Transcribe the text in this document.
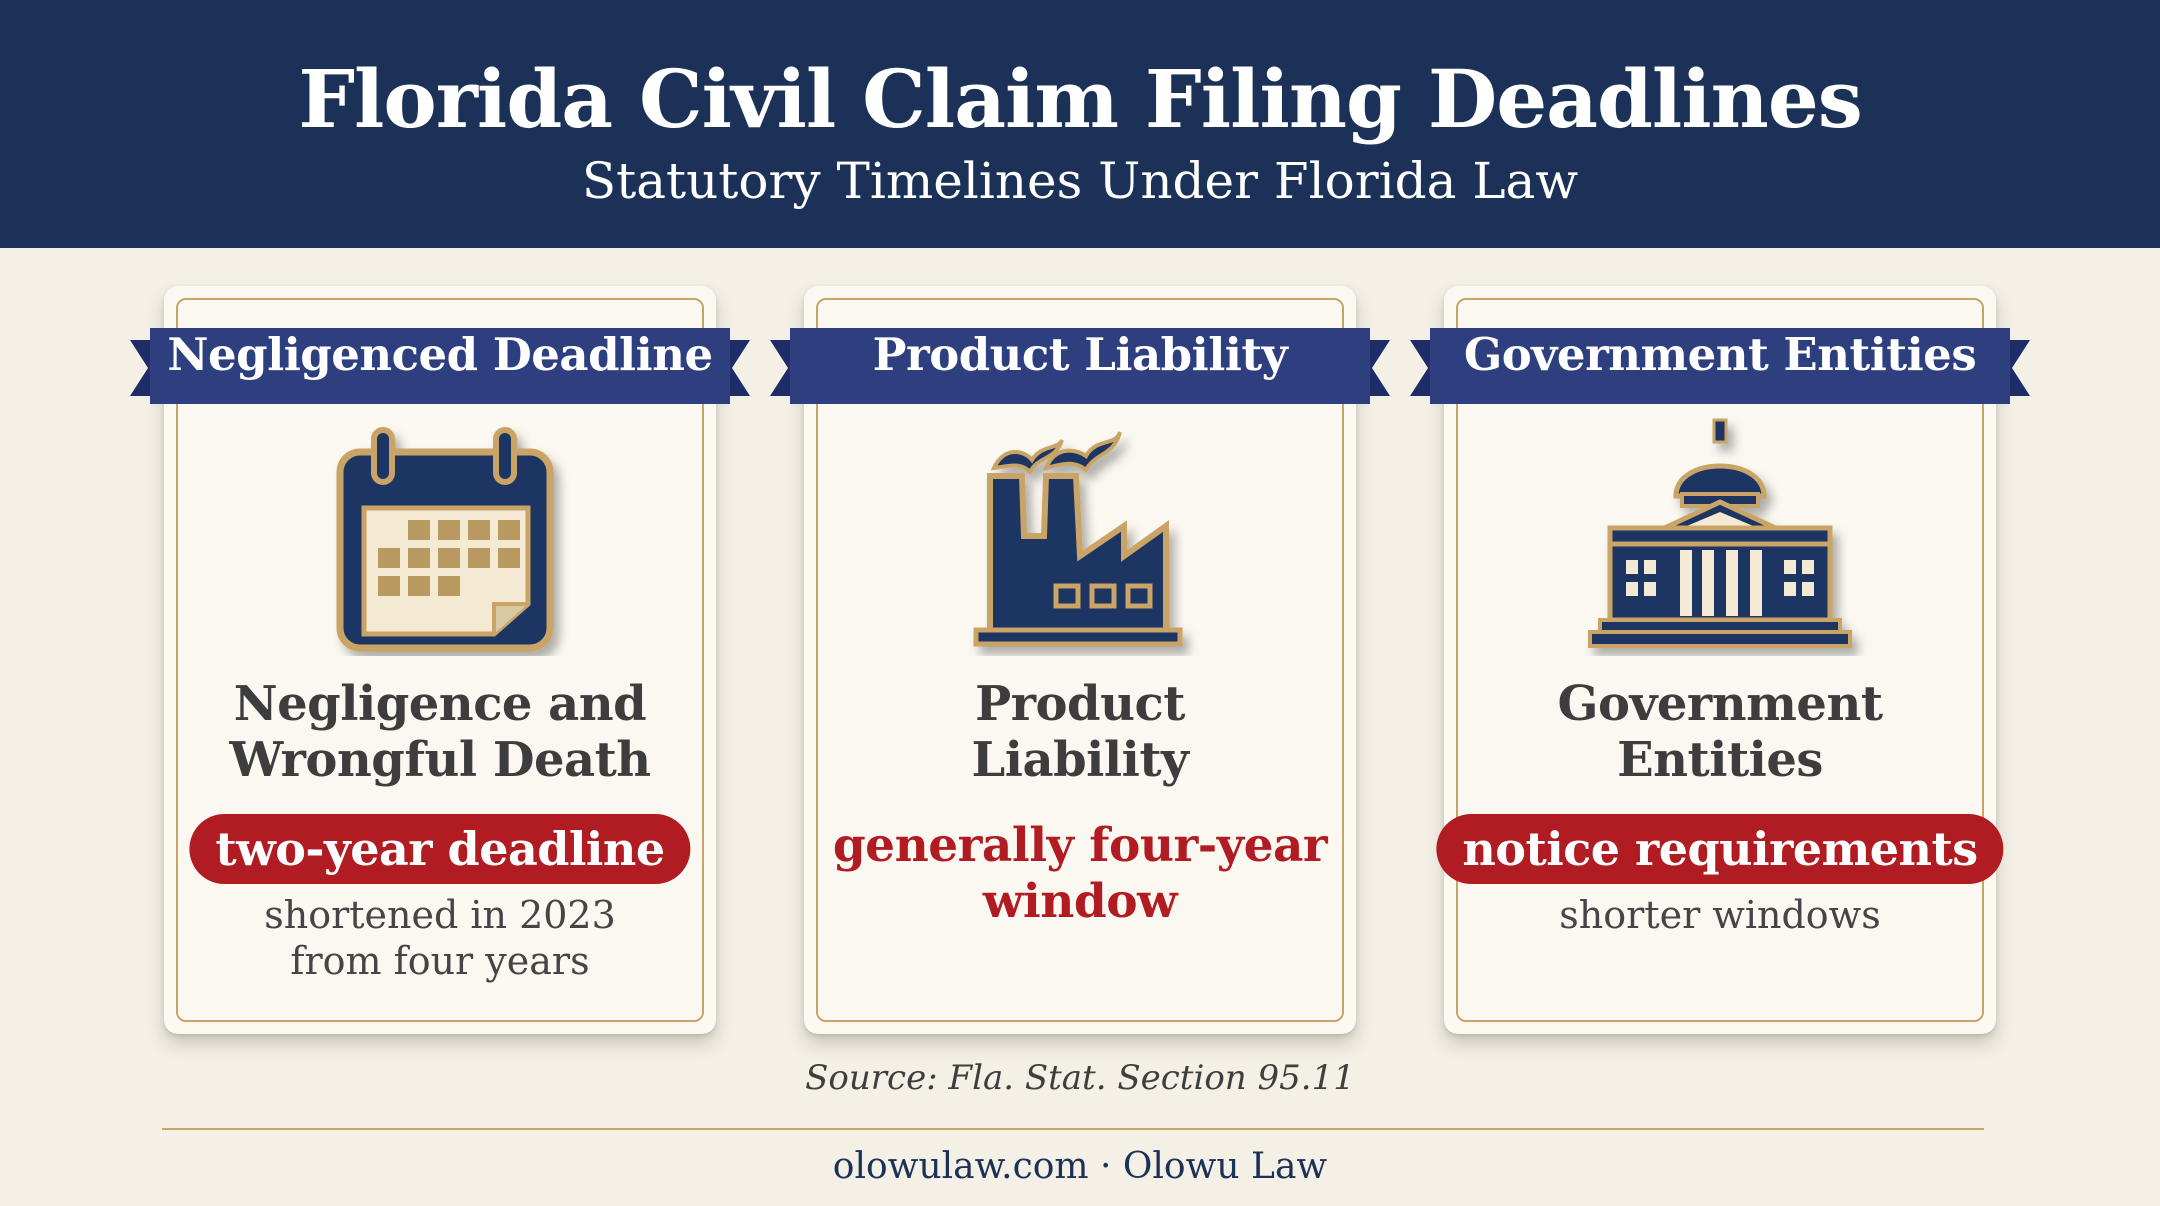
Florida Civil Claim Filing Deadlines
Statutory Timelines Under Florida Law
Negligenced Deadline
Negligence and
Wrongful Death
two-year deadline
shortened in 2023
from four years
Product Liability
Product
Liability
generally four-year
window
Government Entities
Government
Entities
notice requirements
shorter windows
Source: Fla. Stat. Section 95.11
olowulaw.com · Olowu Law
